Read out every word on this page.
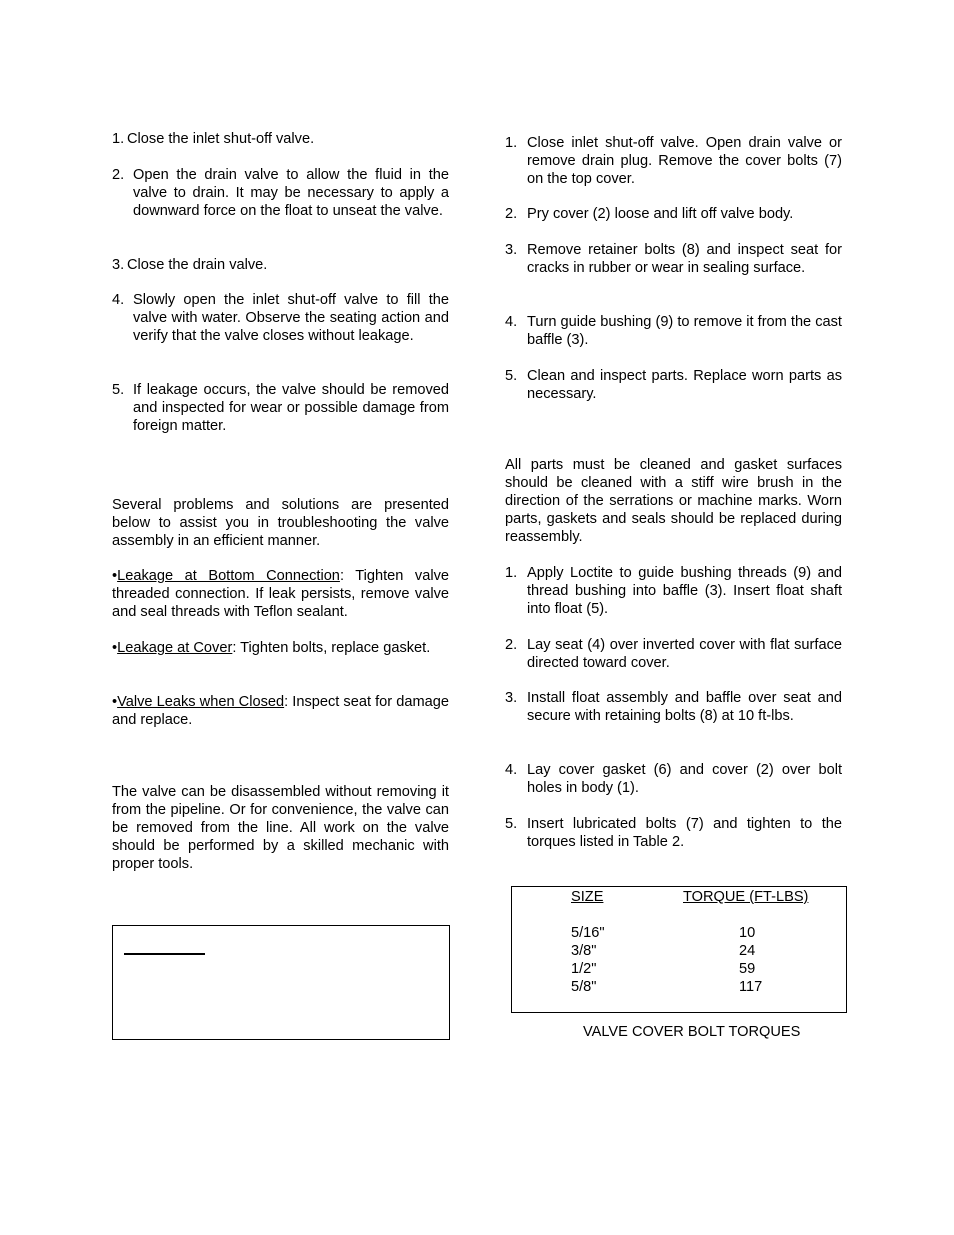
2. Open the drain valve to allow the fluid in the valve to drain. It may be necessary to apply a downward force on the float to unseat the valve.
3. Close the drain valve.
4. Slowly open the inlet shut-off valve to fill the valve with water. Observe the seating action and verify that the valve closes without leakage.
5. If leakage occurs, the valve should be removed and inspected for wear or possible damage from foreign matter.
Several problems and solutions are presented below to assist you in troubleshooting the valve assembly in an efficient manner.
•Leakage at Bottom Connection: Tighten valve threaded connection. If leak persists, remove valve and seal threads with Teflon sealant.
•Leakage at Cover: Tighten bolts, replace gasket.
•Valve Leaks when Closed: Inspect seat for damage and replace.
The valve can be disassembled without removing it from the pipeline. Or for convenience, the valve can be removed from the line. All work on the valve should be performed by a skilled mechanic with proper tools.
1. Close inlet shut-off valve. Open drain valve or remove drain plug. Remove the cover bolts (7) on the top cover.
2. Pry cover (2) loose and lift off valve body.
3. Remove retainer bolts (8) and inspect seat for cracks in rubber or wear in sealing surface.
4. Turn guide bushing (9) to remove it from the cast baffle (3).
5. Clean and inspect parts. Replace worn parts as necessary.
All parts must be cleaned and gasket surfaces should be cleaned with a stiff wire brush in the direction of the serrations or machine marks. Worn parts, gaskets and seals should be replaced during reassembly.
1. Apply Loctite to guide bushing threads (9) and thread bushing into baffle (3). Insert float shaft into float (5).
2. Lay seat (4) over inverted cover with flat surface directed toward cover.
3. Install float assembly and baffle over seat and secure with retaining bolts (8) at 10 ft-lbs.
4. Lay cover gasket (6) and cover (2) over bolt holes in body (1).
5. Insert lubricated bolts (7) and tighten to the torques listed in Table 2.
SIZE	TORQUE (FT-LBS)
5/16"	10
3/8"	24
1/2"	59
5/8"	117
VALVE COVER BOLT TORQUES
1. Close the inlet shut-off valve.
